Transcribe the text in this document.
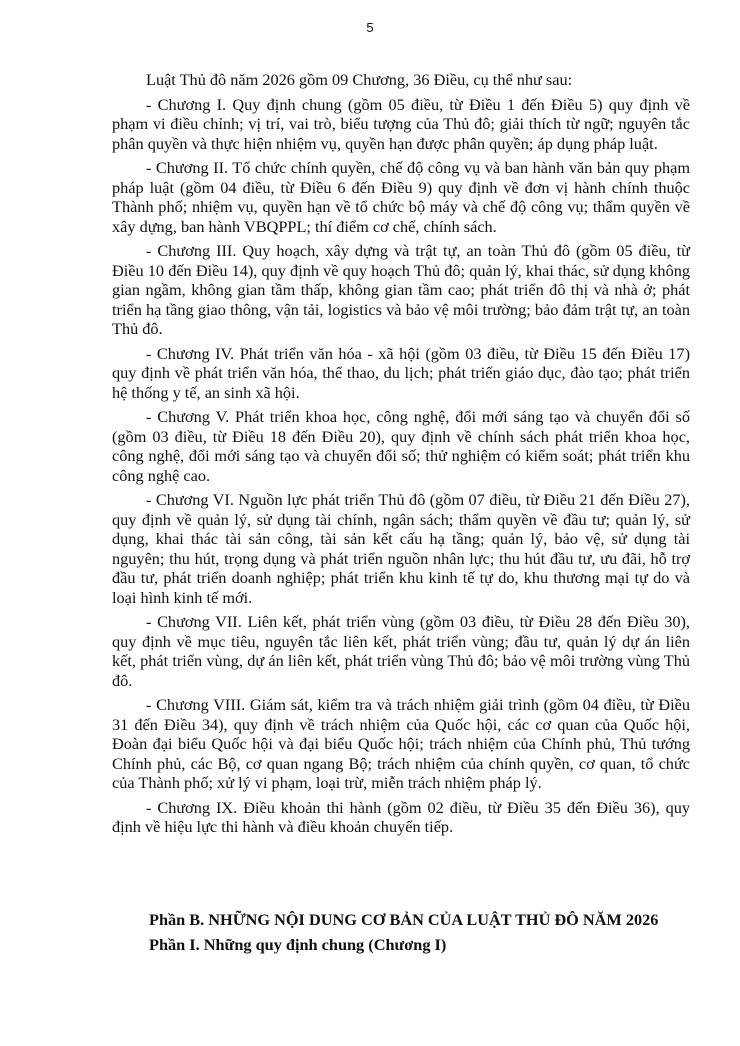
5

Luật Thủ đô năm 2026 gồm 09 Chương, 36 Điều, cụ thể như sau:

- Chương I. Quy định chung (gồm 05 điều, từ Điều 1 đến Điều 5) quy định về phạm vi điều chỉnh; vị trí, vai trò, biểu tượng của Thủ đô; giải thích từ ngữ; nguyên tắc phân quyền và thực hiện nhiệm vụ, quyền hạn được phân quyền; áp dụng pháp luật.

- Chương II. Tổ chức chính quyền, chế độ công vụ và ban hành văn bản quy phạm pháp luật (gồm 04 điều, từ Điều 6 đến Điều 9) quy định về đơn vị hành chính thuộc Thành phố; nhiệm vụ, quyền hạn về tổ chức bộ máy và chế độ công vụ; thẩm quyền về xây dựng, ban hành VBQPPL; thí điểm cơ chế, chính sách.

- Chương III. Quy hoạch, xây dựng và trật tự, an toàn Thủ đô (gồm 05 điều, từ Điều 10 đến Điều 14), quy định về quy hoạch Thủ đô; quản lý, khai thác, sử dụng không gian ngầm, không gian tầm thấp, không gian tầm cao; phát triển đô thị và nhà ở; phát triển hạ tầng giao thông, vận tải, logistics và bảo vệ môi trường; bảo đảm trật tự, an toàn Thủ đô.

- Chương IV. Phát triển văn hóa - xã hội (gồm 03 điều, từ Điều 15 đến Điều 17) quy định về phát triển văn hóa, thể thao, du lịch; phát triển giáo dục, đào tạo; phát triển hệ thống y tế, an sinh xã hội.

- Chương V. Phát triển khoa học, công nghệ, đổi mới sáng tạo và chuyển đổi số (gồm 03 điều, từ Điều 18 đến Điều 20), quy định về chính sách phát triển khoa học, công nghệ, đổi mới sáng tạo và chuyển đổi số; thử nghiệm có kiểm soát; phát triển khu công nghệ cao.

- Chương VI. Nguồn lực phát triển Thủ đô (gồm 07 điều, từ Điều 21 đến Điều 27), quy định về quản lý, sử dụng tài chính, ngân sách; thẩm quyền về đầu tư; quản lý, sử dụng, khai thác tài sản công, tài sản kết cấu hạ tầng; quản lý, bảo vệ, sử dụng tài nguyên; thu hút, trọng dụng và phát triển nguồn nhân lực; thu hút đầu tư, ưu đãi, hỗ trợ đầu tư, phát triển doanh nghiệp; phát triển khu kinh tế tự do, khu thương mại tự do và loại hình kinh tế mới.

- Chương VII. Liên kết, phát triển vùng (gồm 03 điều, từ Điều 28 đến Điều 30), quy định về mục tiêu, nguyên tắc liên kết, phát triển vùng; đầu tư, quản lý dự án liên kết, phát triển vùng, dự án liên kết, phát triển vùng Thủ đô; bảo vệ môi trường vùng Thủ đô.

- Chương VIII. Giám sát, kiểm tra và trách nhiệm giải trình (gồm 04 điều, từ Điều 31 đến Điều 34), quy định về trách nhiệm của Quốc hội, các cơ quan của Quốc hội, Đoàn đại biểu Quốc hội và đại biểu Quốc hội; trách nhiệm của Chính phủ, Thủ tướng Chính phủ, các Bộ, cơ quan ngang Bộ; trách nhiệm của chính quyền, cơ quan, tổ chức của Thành phố; xử lý vi phạm, loại trừ, miễn trách nhiệm pháp lý.

- Chương IX. Điều khoản thi hành (gồm 02 điều, từ Điều 35 đến Điều 36), quy định về hiệu lực thi hành và điều khoản chuyển tiếp.

Phần B. NHỮNG NỘI DUNG CƠ BẢN CỦA LUẬT THỦ ĐÔ NĂM 2026
Phần I. Những quy định chung (Chương I)
